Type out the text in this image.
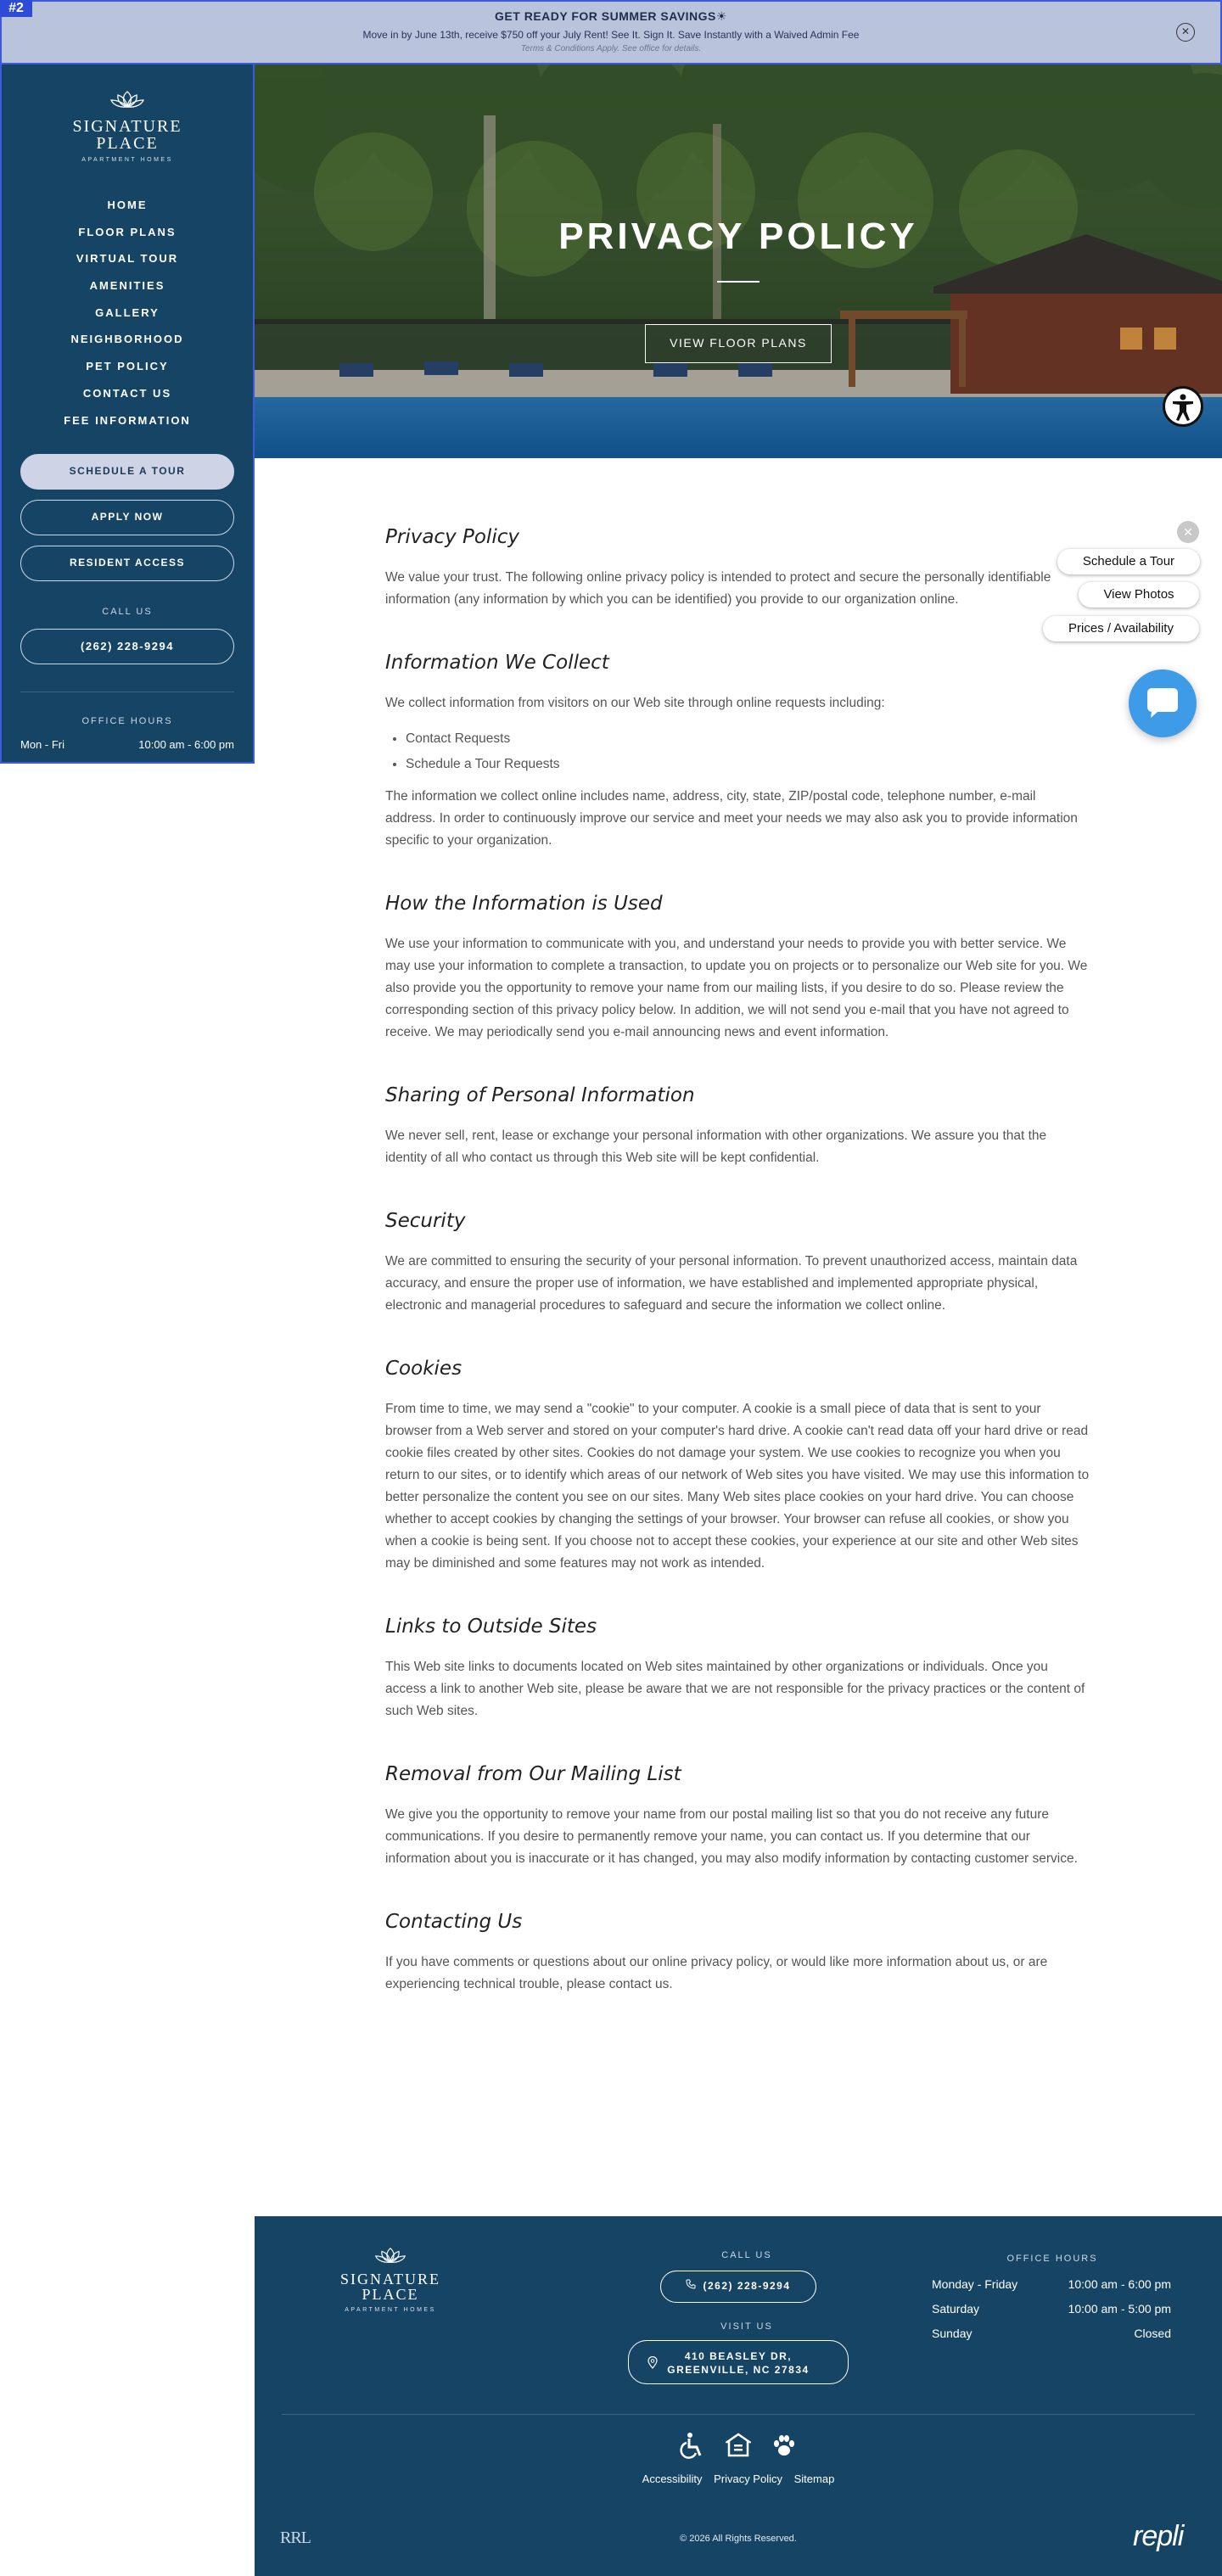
#2
GET READY FOR SUMMER SAVINGS☀
Move in by June 13th, receive $750 off your July Rent! See It. Sign It. Save Instantly with a Waived Admin Fee
Terms & Conditions Apply. See office for details.
✕
SIGNATURE
PLACE
APARTMENT HOMES
HOME
FLOOR PLANS
VIRTUAL TOUR
AMENITIES
GALLERY
NEIGHBORHOOD
PET POLICY
CONTACT US
FEE INFORMATION
SCHEDULE A TOUR
APPLY NOW
RESIDENT ACCESS
CALL US
(262) 228-9294
OFFICE HOURS
Mon - Fri	10:00 am - 6:00 pm
PRIVACY POLICY
VIEW FLOOR PLANS
Privacy Policy

We value your trust. The following online privacy policy is intended to protect and secure the personally identifiable information (any information by which you can be identified) you provide to our organization online.

Information We Collect

We collect information from visitors on our Web site through online requests including:

• Contact Requests
• Schedule a Tour Requests

The information we collect online includes name, address, city, state, ZIP/postal code, telephone number, e-mail address. In order to continuously improve our service and meet your needs we may also ask you to provide information specific to your organization.

How the Information is Used

We use your information to communicate with you, and understand your needs to provide you with better service. We may use your information to complete a transaction, to update you on projects or to personalize our Web site for you. We also provide you the opportunity to remove your name from our mailing lists, if you desire to do so. Please review the corresponding section of this privacy policy below. In addition, we will not send you e-mail that you have not agreed to receive. We may periodically send you e-mail announcing news and event information.

Sharing of Personal Information

We never sell, rent, lease or exchange your personal information with other organizations. We assure you that the identity of all who contact us through this Web site will be kept confidential.

Security

We are committed to ensuring the security of your personal information. To prevent unauthorized access, maintain data accuracy, and ensure the proper use of information, we have established and implemented appropriate physical, electronic and managerial procedures to safeguard and secure the information we collect online.

Cookies

From time to time, we may send a "cookie" to your computer. A cookie is a small piece of data that is sent to your browser from a Web server and stored on your computer's hard drive. A cookie can't read data off your hard drive or read cookie files created by other sites. Cookies do not damage your system. We use cookies to recognize you when you return to our sites, or to identify which areas of our network of Web sites you have visited. We may use this information to better personalize the content you see on our sites. Many Web sites place cookies on your hard drive. You can choose whether to accept cookies by changing the settings of your browser. Your browser can refuse all cookies, or show you when a cookie is being sent. If you choose not to accept these cookies, your experience at our site and other Web sites may be diminished and some features may not work as intended.

Links to Outside Sites

This Web site links to documents located on Web sites maintained by other organizations or individuals. Once you access a link to another Web site, please be aware that we are not responsible for the privacy practices or the content of such Web sites.

Removal from Our Mailing List

We give you the opportunity to remove your name from our postal mailing list so that you do not receive any future communications. If you desire to permanently remove your name, you can contact us. If you determine that our information about you is inaccurate or it has changed, you may also modify information by contacting customer service.

Contacting Us

If you have comments or questions about our online privacy policy, or would like more information about us, or are experiencing technical trouble, please contact us.

✕
Schedule a Tour
View Photos
Prices / Availability
SIGNATURE
PLACE
APARTMENT HOMES
CALL US
(262) 228-9294
VISIT US
410 BEASLEY DR,
GREENVILLE, NC 27834
OFFICE HOURS
Monday - Friday	10:00 am - 6:00 pm
Saturday	10:00 am - 5:00 pm
Sunday	Closed

Accessibility Privacy Policy Sitemap
RRL	© 2026 All Rights Reserved.	repli
